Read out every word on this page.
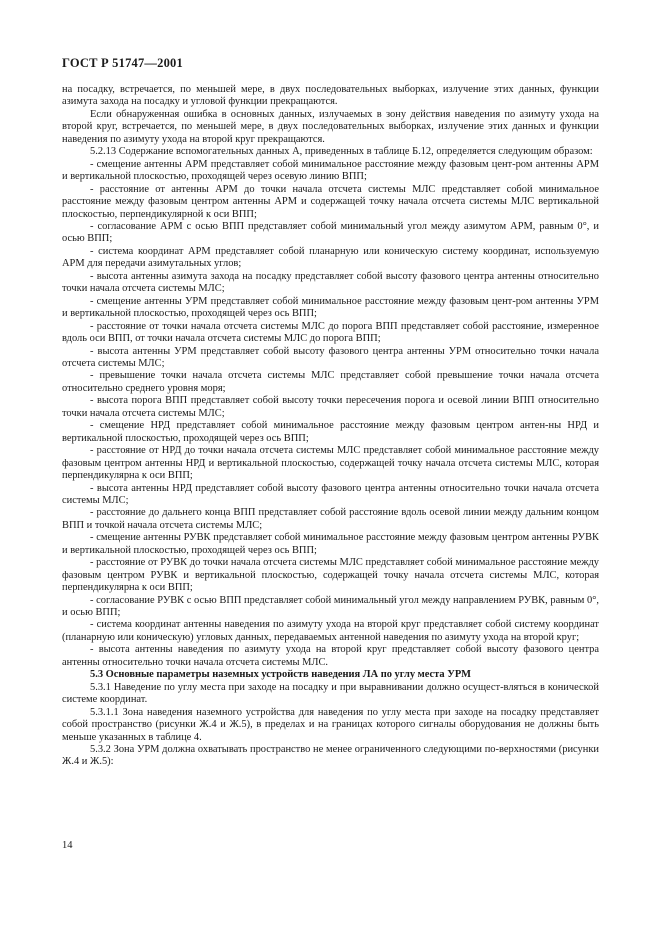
ГОСТ Р 51747—2001

на посадку, встречается, по меньшей мере, в двух последовательных выборках, излучение этих данных, функции азимута захода на посадку и угловой функции прекращаются.

Если обнаруженная ошибка в основных данных, излучаемых в зону действия наведения по азимуту ухода на второй круг, встречается, по меньшей мере, в двух последовательных выборках, излучение этих данных и функции наведения по азимуту ухода на второй круг прекращаются.

5.2.13 Содержание вспомогательных данных А, приведенных в таблице Б.12, определяется следующим образом:

- смещение антенны АРМ представляет собой минимальное расстояние между фазовым цент-ром антенны АРМ и вертикальной плоскостью, проходящей через осевую линию ВПП;

- расстояние от антенны АРМ до точки начала отсчета системы МЛС представляет собой минимальное расстояние между фазовым центром антенны АРМ и содержащей точку начала отсчета системы МЛС вертикальной плоскостью, перпендикулярной к оси ВПП;

- согласование АРМ с осью ВПП представляет собой минимальный угол между азимутом АРМ, равным 0°, и осью ВПП;

- система координат АРМ представляет собой планарную или коническую систему координат, используемую АРМ для передачи азимутальных углов;

- высота антенны азимута захода на посадку представляет собой высоту фазового центра антенны относительно точки начала отсчета системы МЛС;

- смещение антенны УРМ представляет собой минимальное расстояние между фазовым цент-ром антенны УРМ и вертикальной плоскостью, проходящей через ось ВПП;

- расстояние от точки начала отсчета системы МЛС до порога ВПП представляет собой расстояние, измеренное вдоль оси ВПП, от точки начала отсчета системы МЛС до порога ВПП;

- высота антенны УРМ представляет собой высоту фазового центра антенны УРМ относительно точки начала отсчета системы МЛС;

- превышение точки начала отсчета системы МЛС представляет собой превышение точки начала отсчета относительно среднего уровня моря;

- высота порога ВПП представляет собой высоту точки пересечения порога и осевой линии ВПП относительно точки начала отсчета системы МЛС;

- смещение НРД представляет собой минимальное расстояние между фазовым центром антен-ны НРД и вертикальной плоскостью, проходящей через ось ВПП;

- расстояние от НРД до точки начала отсчета системы МЛС представляет собой минимальное расстояние между фазовым центром антенны НРД и вертикальной плоскостью, содержащей точку начала отсчета системы МЛС, которая перпендикулярна к оси ВПП;

- высота антенны НРД представляет собой высоту фазового центра антенны относительно точки начала отсчета системы МЛС;

- расстояние до дальнего конца ВПП представляет собой расстояние вдоль осевой линии между дальним концом ВПП и точкой начала отсчета системы МЛС;

- смещение антенны РУВК представляет собой минимальное расстояние между фазовым центром антенны РУВК и вертикальной плоскостью, проходящей через ось ВПП;

- расстояние от РУВК до точки начала отсчета системы МЛС представляет собой минимальное расстояние между фазовым центром РУВК и вертикальной плоскостью, содержащей точку начала отсчета системы МЛС, которая перпендикулярна к оси ВПП;

- согласование РУВК с осью ВПП представляет собой минимальный угол между направлением РУВК, равным 0°, и осью ВПП;

- система координат антенны наведения по азимуту ухода на второй круг представляет собой систему координат (планарную или коническую) угловых данных, передаваемых антенной наведения по азимуту ухода на второй круг;

- высота антенны наведения по азимуту ухода на второй круг представляет собой высоту фазового центра антенны относительно точки начала отсчета системы МЛС.

5.3 Основные параметры наземных устройств наведения ЛА по углу места УРМ

5.3.1 Наведение по углу места при заходе на посадку и при выравнивании должно осущест-вляться в конической системе координат.

5.3.1.1 Зона наведения наземного устройства для наведения по углу места при заходе на посадку представляет собой пространство (рисунки Ж.4 и Ж.5), в пределах и на границах которого сигналы оборудования не должны быть меньше указанных в таблице 4.

5.3.2 Зона УРМ должна охватывать пространство не менее ограниченного следующими по-верхностями (рисунки Ж.4 и Ж.5):

14
